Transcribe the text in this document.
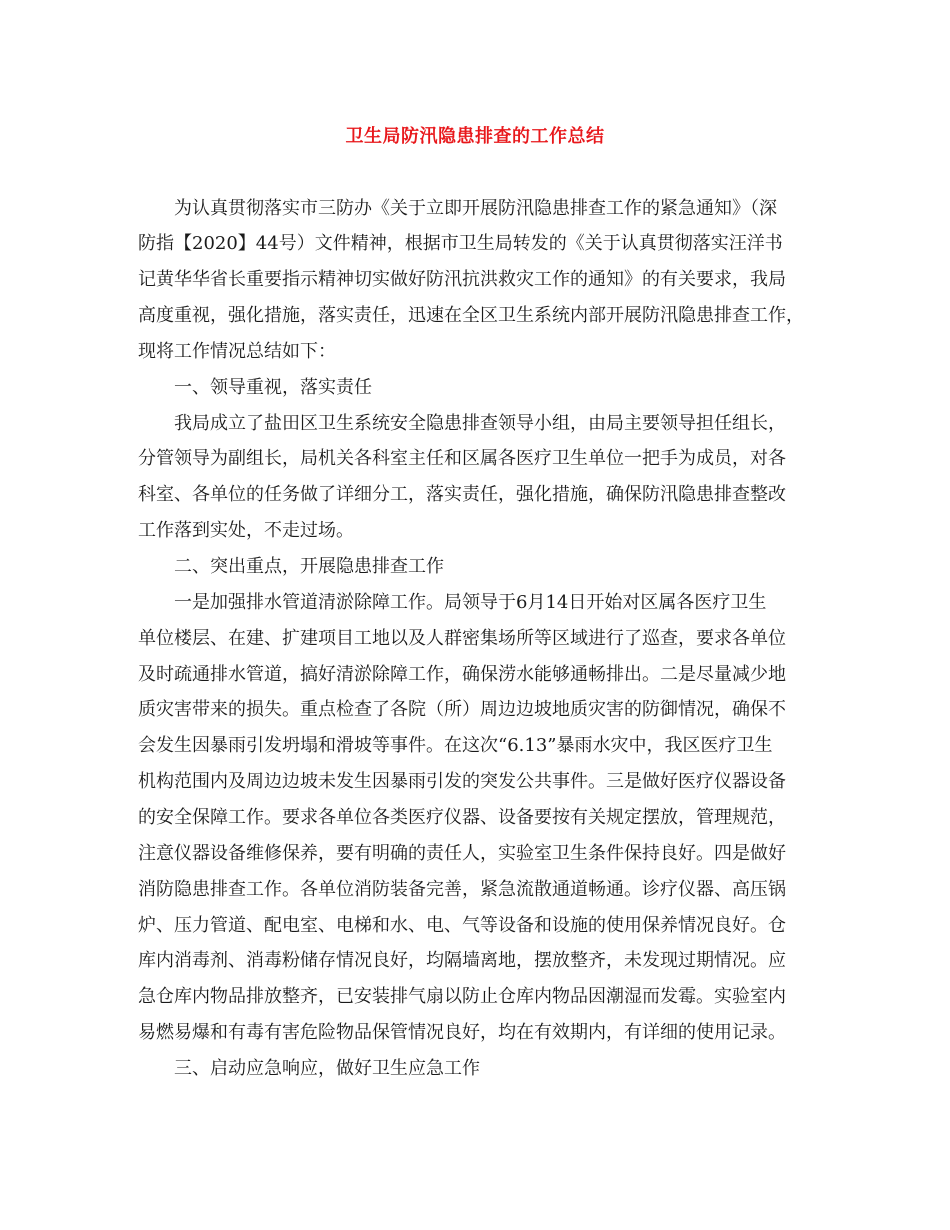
卫生局防汛隐患排查的工作总结
为认真贯彻落实市三防办《关于立即开展防汛隐患排查工作的紧急通知》（深
防指【2020】44号）文件精神，根据市卫生局转发的《关于认真贯彻落实汪洋书
记黄华华省长重要指示精神切实做好防汛抗洪救灾工作的通知》的有关要求，我局
高度重视，强化措施，落实责任，迅速在全区卫生系统内部开展防汛隐患排查工作，
现将工作情况总结如下：
一、领导重视，落实责任
我局成立了盐田区卫生系统安全隐患排查领导小组，由局主要领导担任组长，
分管领导为副组长，局机关各科室主任和区属各医疗卫生单位一把手为成员，对各
科室、各单位的任务做了详细分工，落实责任，强化措施，确保防汛隐患排查整改
工作落到实处，不走过场。
二、突出重点，开展隐患排查工作
一是加强排水管道清淤除障工作。局领导于6月14日开始对区属各医疗卫生
单位楼层、在建、扩建项目工地以及人群密集场所等区域进行了巡查，要求各单位
及时疏通排水管道，搞好清淤除障工作，确保涝水能够通畅排出。二是尽量减少地
质灾害带来的损失。重点检查了各院（所）周边边坡地质灾害的防御情况，确保不
会发生因暴雨引发坍塌和滑坡等事件。在这次“6.13”暴雨水灾中，我区医疗卫生
机构范围内及周边边坡未发生因暴雨引发的突发公共事件。三是做好医疗仪器设备
的安全保障工作。要求各单位各类医疗仪器、设备要按有关规定摆放，管理规范，
注意仪器设备维修保养，要有明确的责任人，实验室卫生条件保持良好。四是做好
消防隐患排查工作。各单位消防装备完善，紧急流散通道畅通。诊疗仪器、高压锅
炉、压力管道、配电室、电梯和水、电、气等设备和设施的使用保养情况良好。仓
库内消毒剂、消毒粉储存情况良好，均隔墙离地，摆放整齐，未发现过期情况。应
急仓库内物品排放整齐，已安装排气扇以防止仓库内物品因潮湿而发霉。实验室内
易燃易爆和有毒有害危险物品保管情况良好，均在有效期内，有详细的使用记录。
三、启动应急响应，做好卫生应急工作
